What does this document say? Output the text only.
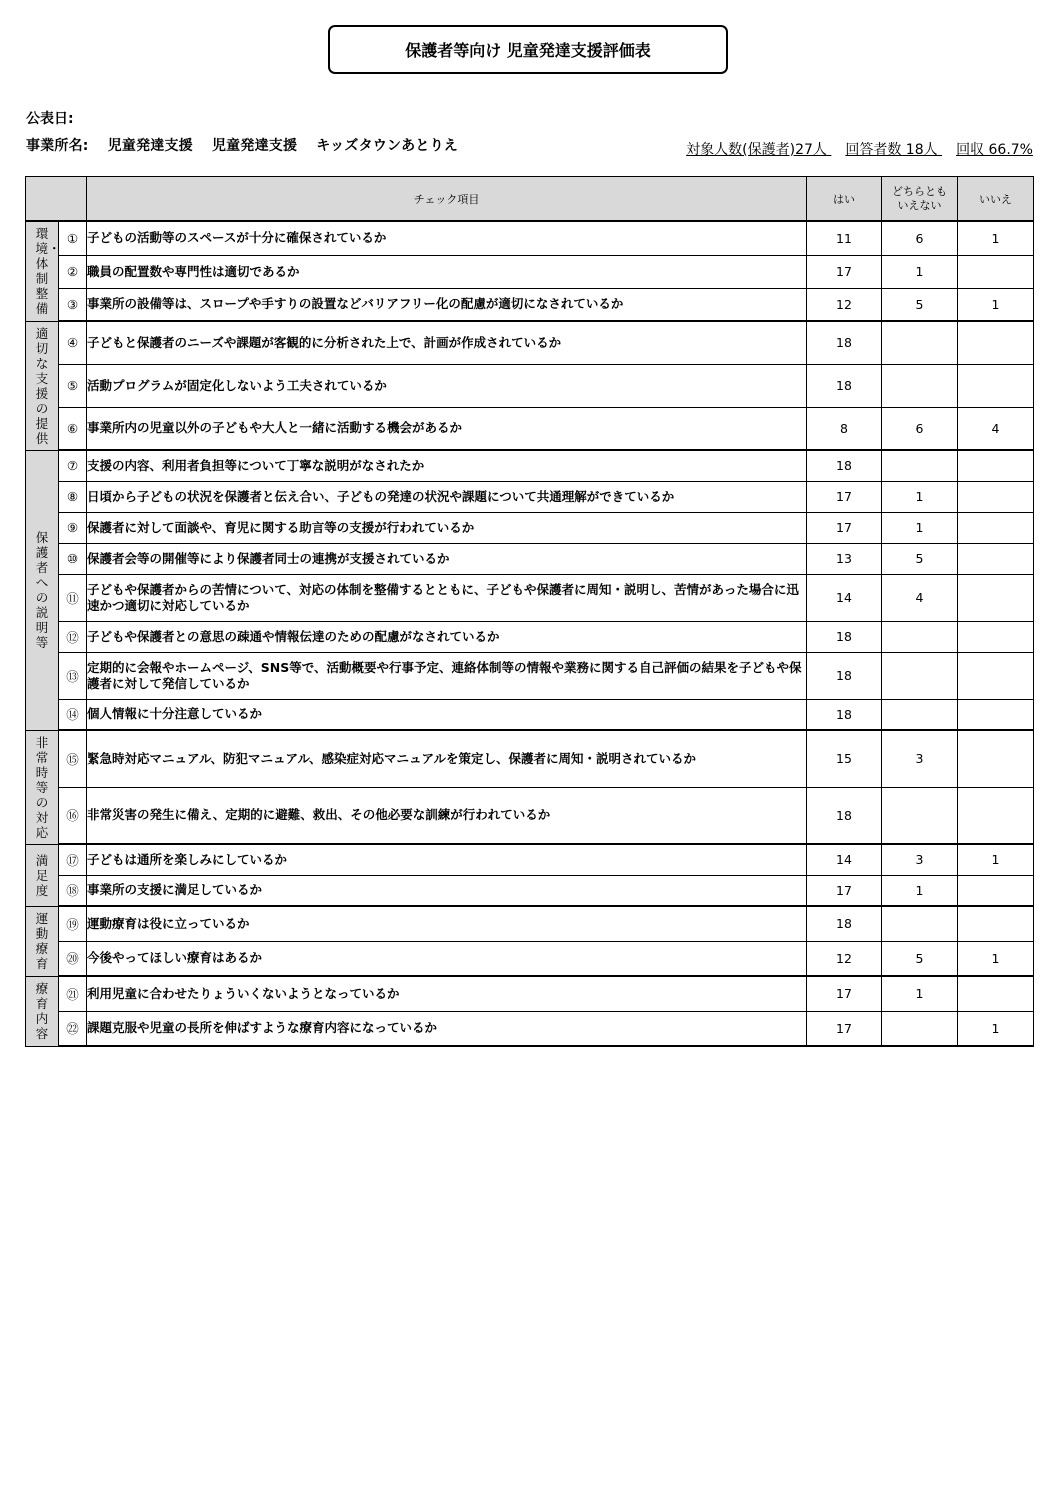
保護者等向け 児童発達支援評価表
公表日:
事業所名: 児童発達支援 児童発達支援 キッズタウンあとりえ	対象人数(保護者)27人 回答者数 18人 回収 66.7%
		チェック項目	はい	どちらとも いえない	いいえ
環境・体制整備	①	子どもの活動等のスペースが十分に確保されているか	11	6	1
	②	職員の配置数や専門性は適切であるか	17	1	
	③	事業所の設備等は、スロープや手すりの設置などバリアフリー化の配慮が適切になされているか	12	5	1
適切な支援の提供	④	子どもと保護者のニーズや課題が客観的に分析された上で、計画が作成されているか	18		
	⑤	活動プログラムが固定化しないよう工夫されているか	18		
	⑥	事業所内の児童以外の子どもや大人と一緒に活動する機会があるか	8	6	4
保護者への説明等	⑦	支援の内容、利用者負担等について丁寧な説明がなされたか	18		
	⑧	日頃から子どもの状況を保護者と伝え合い、子どもの発達の状況や課題について共通理解ができているか	17	1	
	⑨	保護者に対して面談や、育児に関する助言等の支援が行われているか	17	1	
	⑩	保護者会等の開催等により保護者同士の連携が支援されているか	13	5	
	⑪	子どもや保護者からの苦情について、対応の体制を整備するとともに、子どもや保護者に周知・説明し、苦情があった場合に迅速かつ適切に対応しているか	14	4	
	⑫	子どもや保護者との意思の疎通や情報伝達のための配慮がなされているか	18		
	⑬	定期的に会報やホームページ、SNS等で、活動概要や行事予定、連絡体制等の情報や業務に関する自己評価の結果を子どもや保護者に対して発信しているか	18		
	⑭	個人情報に十分注意しているか	18		
非常時等の対応	⑮	緊急時対応マニュアル、防犯マニュアル、感染症対応マニュアルを策定し、保護者に周知・説明されているか	15	3	
	⑯	非常災害の発生に備え、定期的に避難、救出、その他必要な訓練が行われているか	18		
満足度	⑰	子どもは通所を楽しみにしているか	14	3	1
	⑱	事業所の支援に満足しているか	17	1	
運動療育	⑲	運動療育は役に立っているか	18		
	⑳	今後やってほしい療育はあるか	12	5	1
療育内容	㉑	利用児童に合わせたりょういくないようとなっているか	17	1	
	㉒	課題克服や児童の長所を伸ばすような療育内容になっているか	17		1
